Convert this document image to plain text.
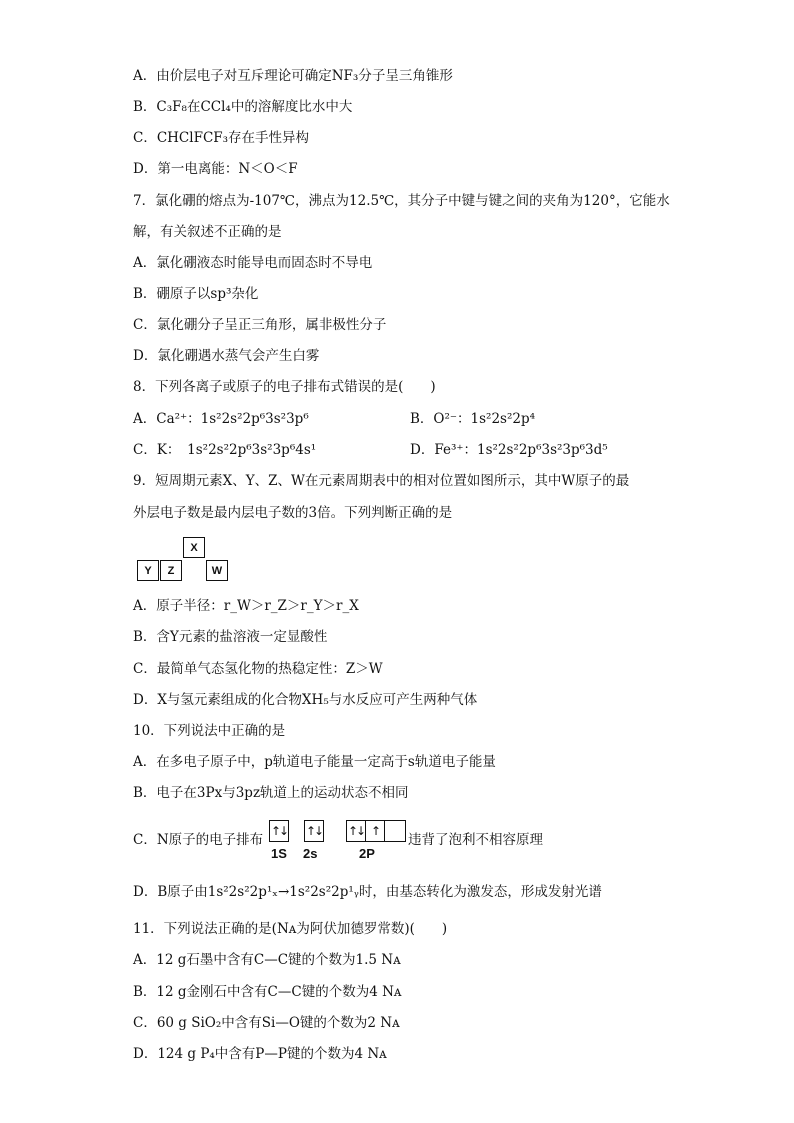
A．由价层电子对互斥理论可确定NF₃分子呈三角锥形
B．C₃F₈在CCl₄中的溶解度比水中大
C．CHClFCF₃存在手性异构
D．第一电离能：N＜O＜F
7．氯化硼的熔点为-107℃，沸点为12.5℃，其分子中键与键之间的夹角为120°，它能水
解，有关叙述不正确的是
A．氯化硼液态时能导电而固态时不导电
B．硼原子以sp³杂化
C．氯化硼分子呈正三角形，属非极性分子
D．氯化硼遇水蒸气会产生白雾
8．下列各离子或原子的电子排布式错误的是(　　)
A．Ca²⁺：1s²2s²2p⁶3s²3p⁶	B．O²⁻：1s²2s²2p⁴
C．K：　1s²2s²2p⁶3s²3p⁶4s¹	D．Fe³⁺：1s²2s²2p⁶3s²3p⁶3d⁵
9．短周期元素X、Y、Z、W在元素周期表中的相对位置如图所示，其中W原子的最
外层电子数是最内层电子数的3倍。下列判断正确的是
X
Y	Z	W
A．原子半径：r_W＞r_Z＞r_Y＞r_X
B．含Y元素的盐溶液一定显酸性
C．最简单气态氢化物的热稳定性：Z＞W
D．X与氢元素组成的化合物XH₅与水反应可产生两种气体
10．下列说法中正确的是
A．在多电子原子中，p轨道电子能量一定高于s轨道电子能量
B．电子在3Px与3pz轨道上的运动状态不相同
C．N原子的电子排布
↑↓ ↑↓ ↑↓ ↑
1S 2s	2P
违背了泡利不相容原理
D．B原子由1s²2s²2p¹ₓ→1s²2s²2p¹ᵧ时，由基态转化为激发态，形成发射光谱
11．下列说法正确的是(Nᴀ为阿伏加德罗常数)(　　)
A．12 g石墨中含有C—C键的个数为1.5 Nᴀ
B．12 g金刚石中含有C—C键的个数为4 Nᴀ
C．60 g SiO₂中含有Si—O键的个数为2 Nᴀ
D．124 g P₄中含有P—P键的个数为4 Nᴀ
